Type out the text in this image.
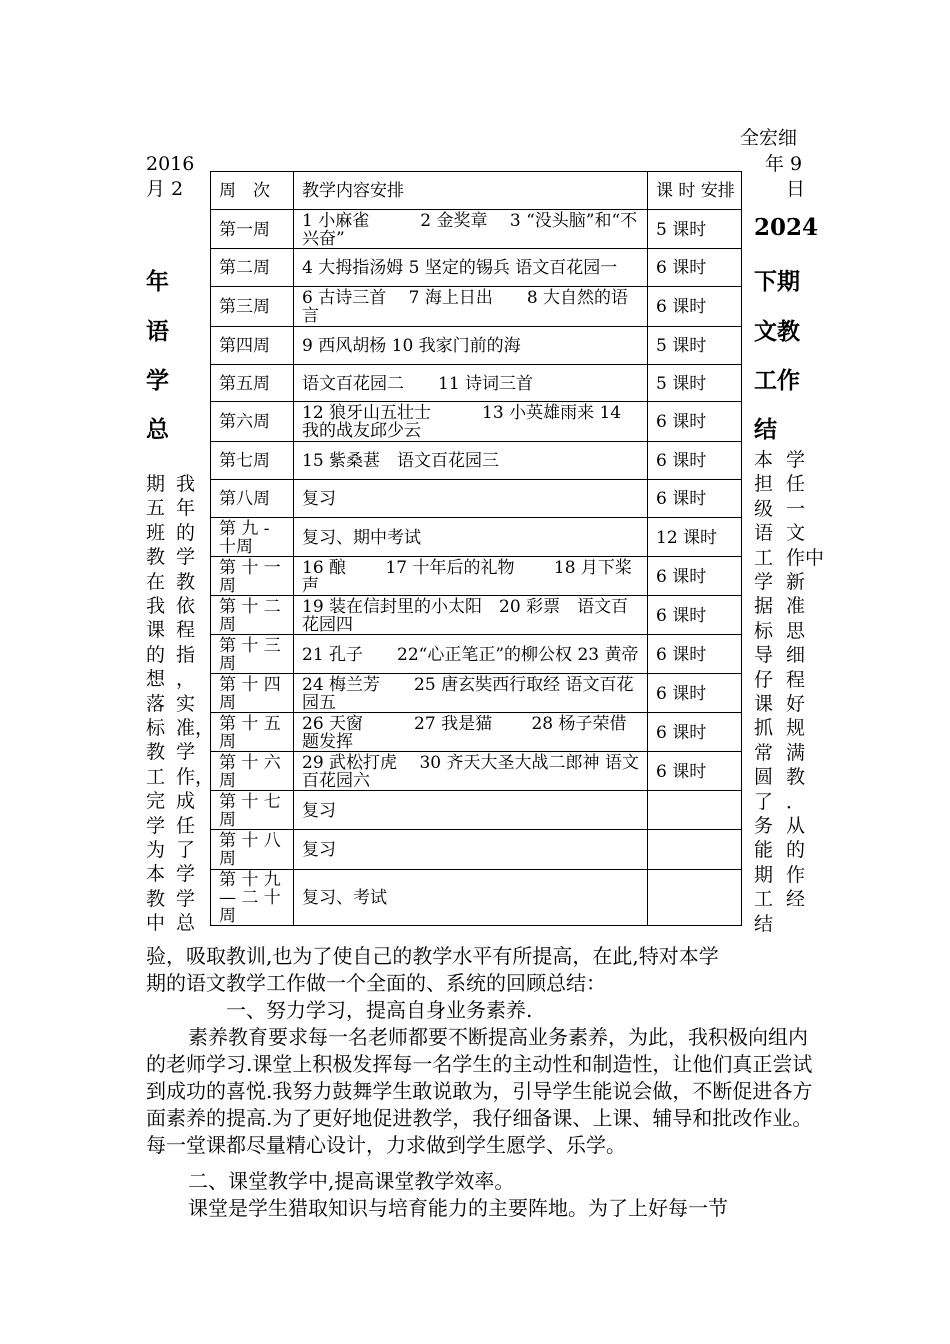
全宏细
年 9
日
2016
月 2
年
语
学
总
2024
下期
文教
工作
结
周　次	教学内容安排	课 时 安排
第一周	1 小麻雀　　　2 金奖章　 3 “没头脑”和“不兴奋”	5 课时
第二周	4 大拇指汤姆 5 坚定的锡兵 语文百花园一	6 课时
第三周	6 古诗三首　 7 海上日出　　8 大自然的语言	6 课时
第四周	9 西风胡杨 10 我家门前的海	5 课时
第五周	语文百花园二　　11 诗词三首	5 课时
第六周	12 狼牙山五壮士　　　13 小英雄雨来 14 我的战友邱少云	6 课时
第七周	15 紫桑葚　语文百花园三	6 课时
第八周	复习	6 课时
第 九 - 十周	复习、期中考试	12 课时
第 十 一 周	16 酿　　 17 十年后的礼物　　 18 月下桨声	6 课时
第 十 二 周	19 装在信封里的小太阳　20 彩票　语文百花园四	6 课时
第 十 三 周	21 孔子　　22“心正笔正”的柳公权 23 黄帝	6 课时
第 十 四 周	24 梅兰芳　　25 唐玄奘西行取经 语文百花园五	6 课时
第 十 五 周	26 天窗　　　27 我是猫　　 28 杨子荣借题发挥	6 课时
第 十 六 周	29 武松打虎　 30 齐天大圣大战二郎神 语文百花园六	6 课时
第 十 七 周	复习	
第 十 八 周	复习	
第 十 九 — 二 十 周	复习、考试	
期 我
五 年
班 的
教 学
在 教
我 依
课 程
的 指
想 ，
落 实
标 准，
教 学
工 作，
完 成
学 任
为 了
本 学
教 学
中 总
本 学
担 任
级 一
语 文
工 作中
学 新
据 准
标 思
导 细
仔 程
课 好
抓 规
常 满
圆 教
了 ．
务 从
能 的
期 作
工 经
结
验，吸取教训,也为了使自己的教学水平有所提高，在此,特对本学
期的语文教学工作做一个全面的、系统的回顾总结：
一、努力学习，提高自身业务素养.
素养教育要求每一名老师都要不断提高业务素养，为此，我积极向组内的老师学习.课堂上积极发挥每一名学生的主动性和制造性，让他们真正尝试到成功的喜悦.我努力鼓舞学生敢说敢为，引导学生能说会做，不断促进各方面素养的提高.为了更好地促进教学，我仔细备课、上课、辅导和批改作业。每一堂课都尽量精心设计，力求做到学生愿学、乐学。
二、课堂教学中,提高课堂教学效率。
课堂是学生猎取知识与培育能力的主要阵地。为了上好每一节
